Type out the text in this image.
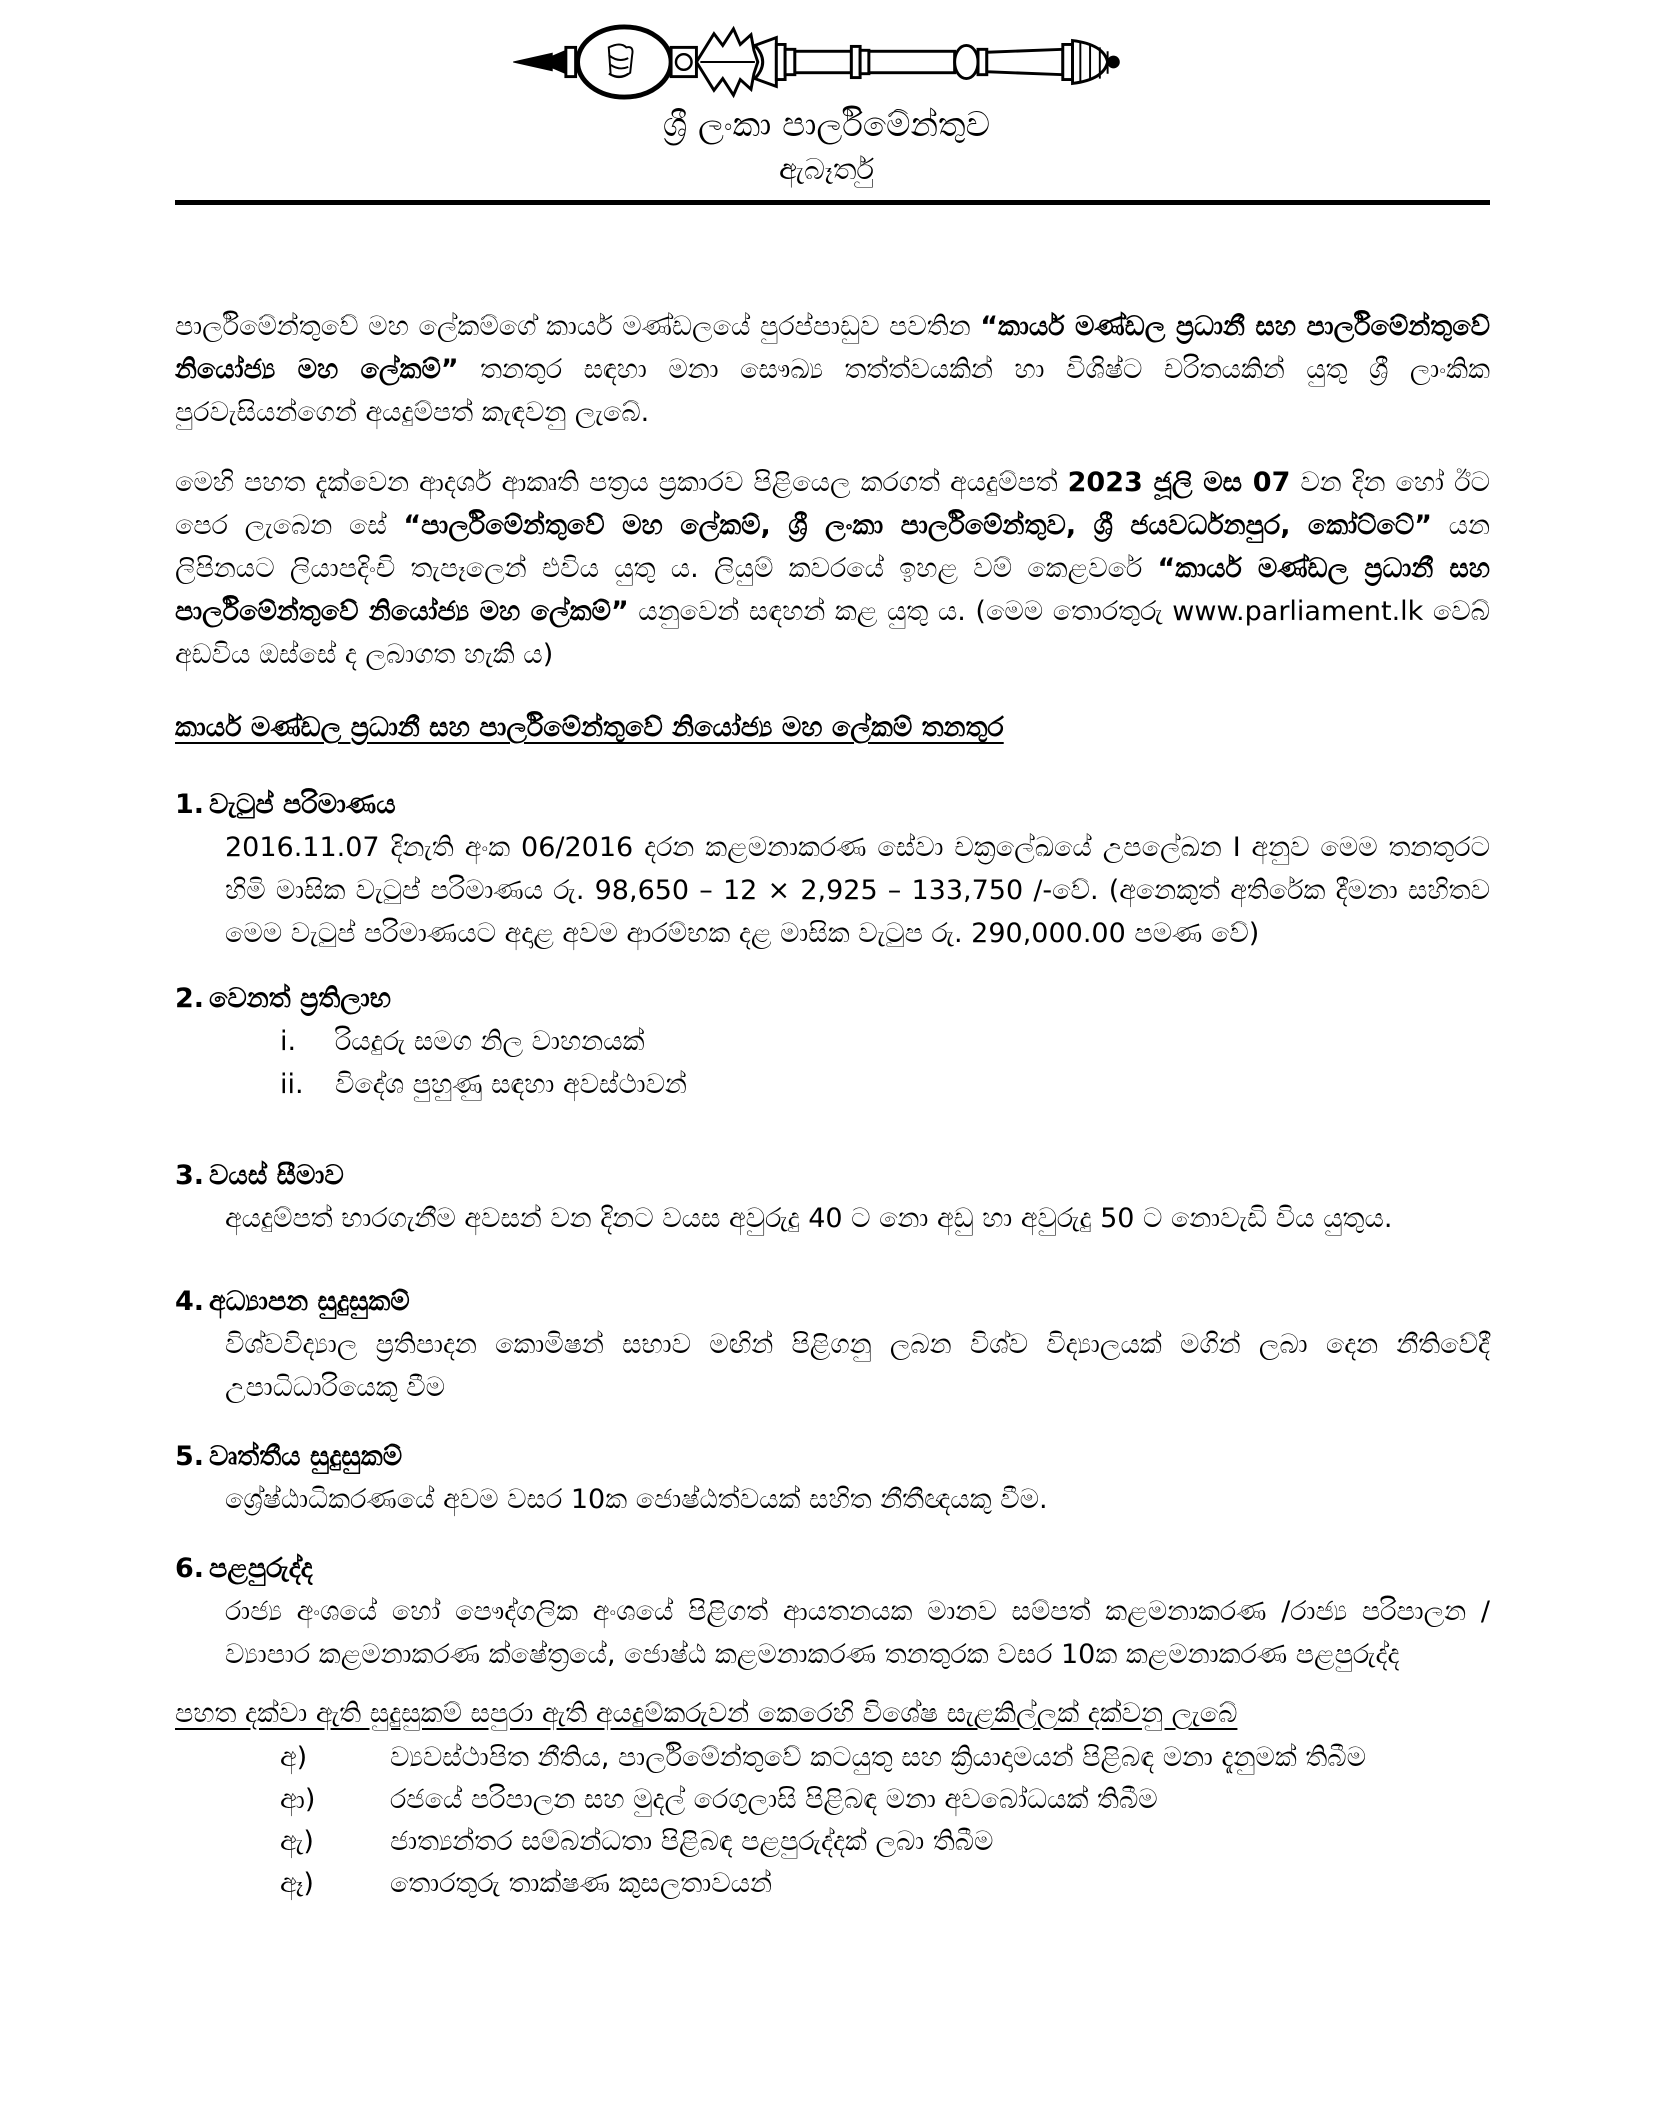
ශ්‍රී ලංකා පාර්ලිමේන්තුව
ඇබෑර්තු

පාර්ලිමේන්තුවේ මහ ලේකම්ගේ කාර්ය මණ්ඩලයේ පුරප්පාඩුව පවතින “කාර්ය මණ්ඩල ප්‍රධානී සහ පාර්ලිමේන්තුවේ නියෝජ්‍ය මහ ලේකම්” තනතුර සඳහා මනා සෞඛ්‍ය තත්ත්වයකින් හා විශිෂ්ට චරිතයකින් යුතු ශ්‍රී ලාංකික පුරවැසියන්ගෙන් අයදුම්පත් කැඳවනු ලැබේ.

මෙහි පහත දැක්වෙන ආදර්ශ ආකෘති පත්‍රය ප්‍රකාරව පිළියෙල කරගත් අයදුම්පත් 2023 ජූලි මස 07 වන දින හෝ ඊට පෙර ලැබෙන සේ “පාර්ලිමේන්තුවේ මහ ලේකම්, ශ්‍රී ලංකා පාර්ලිමේන්තුව, ශ්‍රී ජයවර්ධනපුර, කෝට්ටේ” යන ලිපිනයට ලියාපදිංචි තැපෑලෙන් එවිය යුතු ය. ලියුම් කවරයේ ඉහළ වම් කෙළවරේ “කාර්ය මණ්ඩල ප්‍රධානී සහ පාර්ලිමේන්තුවේ නියෝජ්‍ය මහ ලේකම්” යනුවෙන් සඳහන් කළ යුතු ය. (මෙම තොරතුරු www.parliament.lk වෙබ් අඩවිය ඔස්සේ ද ලබාගත හැකි ය)

කාර්ය මණ්ඩල ප්‍රධානී සහ පාර්ලිමේන්තුවේ නියෝජ්‍ය මහ ලේකම් තනතුර
1. වැටුප් පරිමාණය
2016.11.07 දිනැති අංක 06/2016 දරන කළමනාකරණ සේවා චක්‍රලේඛයේ උපලේඛන I අනුව මෙම තනතුරට හිමි මාසික වැටුප් පරිමාණය රු. 98,650 – 12 × 2,925 – 133,750 /-වේ. (අනෙකුත් අතිරේක දීමනා සහිතව මෙම වැටුප් පරිමාණයට අදාළ අවම ආරම්භක දළ මාසික වැටුප රු. 290,000.00 පමණ වේ)
2. වෙනත් ප්‍රතිලාභ
i.	රියදුරු සමග නිල වාහනයක්
ii.	විදේශ පුහුණු සඳහා අවස්ථාවන්
3. වයස් සීමාව
අයදුම්පත් භාරගැනීම අවසන් වන දිනට වයස අවුරුදු 40 ට නො අඩු හා අවුරුදු 50 ට නොවැඩි විය යුතුය.
4. අධ්‍යාපන සුදුසුකම්
විශ්වවිද්‍යාල ප්‍රතිපාදන කොමිෂන් සභාව මඟින් පිළිගනු ලබන විශ්ව විද්‍යාලයක් මගින් ලබා දෙන නීතිවේදී උපාධිධාරියෙකු වීම
5. වෘත්තීය සුදුසුකම්
ශ්‍රේෂ්ඨාධිකරණයේ අවම වසර 10ක ජොෂ්ඨත්වයක් සහිත නීතීඥයකු වීම.
6. පළපුරුද්ද
රාජ්‍ය අංශයේ හෝ පෞද්ගලික අංශයේ පිළිගත් ආයතනයක මානව සම්පත් කළමනාකරණ /රාජ්‍ය පරිපාලන /ව්‍යාපාර කළමනාකරණ ක්ෂේත්‍රයේ, ජොෂ්ඨ කළමනාකරණ තනතුරක වසර 10ක කළමනාකරණ පළපුරුද්ද
පහත දක්වා ඇති සුදුසුකම් සපුරා ඇති අයදුම්කරුවන් කෙරෙහි විශේෂ සැළකිල්ලක් දක්වනු ලැබේ
අ)	ව්‍යවස්ථාපිත නීතිය, පාර්ලිමේන්තුවේ කටයුතු සහ ක්‍රියාදාමයන් පිළිබඳ මනා දැනුමක් තිබීම
ආ)	රජයේ පරිපාලන සහ මුදල් රෙගුලාසි පිළිබඳ මනා අවබෝධයක් තිබීම
ඇ)	ජාත්‍යන්තර සම්බන්ධතා පිළිබඳ පළපුරුද්දක් ලබා තිබීම
ඈ)	තොරතුරු තාක්ෂණ කුසලතාවයන්
